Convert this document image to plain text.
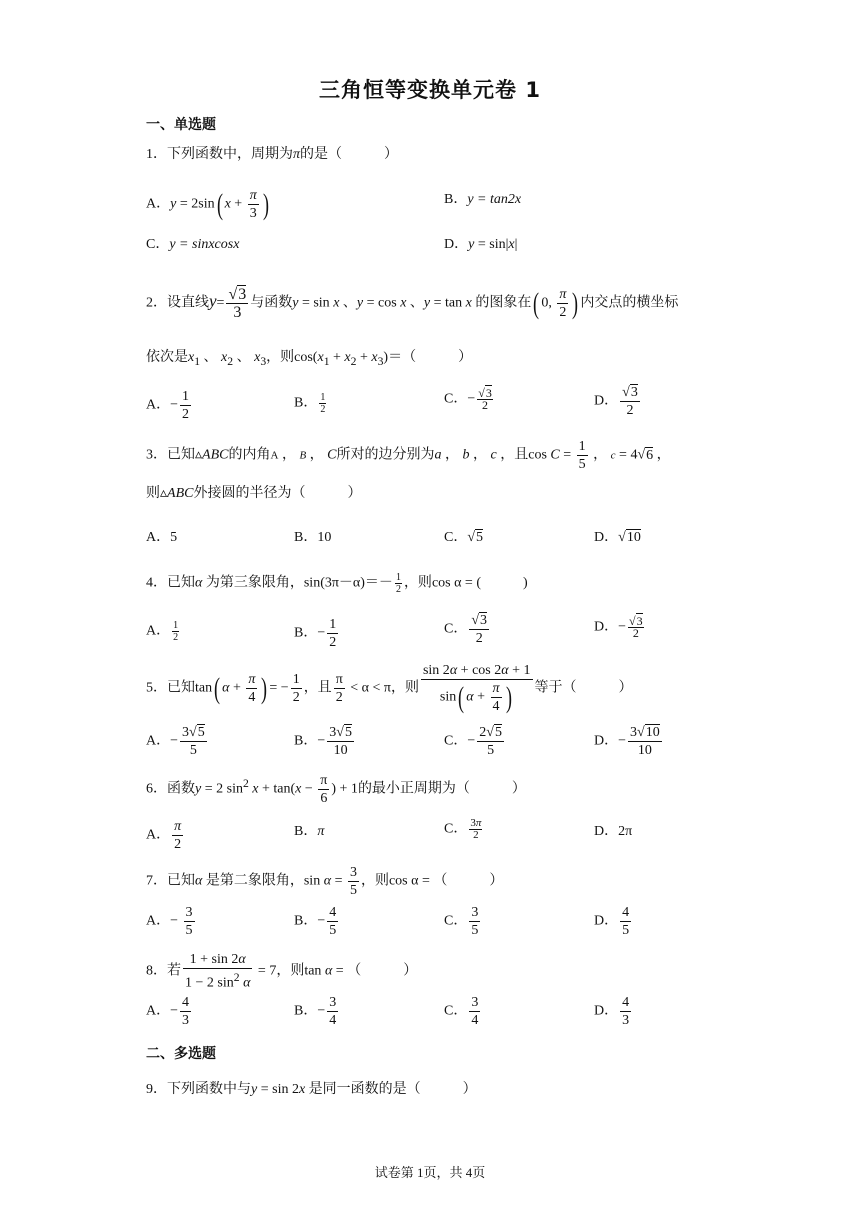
三角恒等变换单元卷 1
一、单选题
1．下列函数中，周期为π的是（　　　）
A．y = 2sin( $x + \frac{\pi}{3}$ )	B．y = tan2x
C．y = sinxcosx	D．y = sin|x|
2．设直线$y= \frac{√3}{3}$ 与函数y = sin x 、y = cos x 、y = tan x 的图象在( 0, $\frac{\pi}{2}$ ) 内交点的横坐标
依次是$x_1$ 、 $x_2$ 、 $x_3$，则$\cos(x_1 + x_2 + x_3)=$（　　　）
A．− $\frac{1}{2}$	B． $\frac{1}{2}$	C．− $\frac{√3}{2}$	D． $\frac{√3}{2}$
3．已知▵ABC的内角A ， B ， C所对的边分别为a ， b ， c ，且$\cos C = \frac{1}{5}$ ， c = 4√6 ，
则▵ABC外接圆的半径为（　　　）
A．5	B．10	C．√5	D．√10
4．已知α 为第三象限角，$\sin(3\pi-\alpha)=- \frac{1}{2}$ ，则cos α = (　　　)
A． $\frac{1}{2}$	B．− $\frac{1}{2}$	C． $\frac{√3}{2}$	D．− $\frac{√3}{2}$
5．已知tan( $\alpha + \frac{\pi}{4}$ ) = − $\frac{1}{2}$ ，且 $\frac{\pi}{2} < \alpha < \pi$，则 $\frac{\sin 2\alpha + \cos 2\alpha + 1}{\sin( \alpha + \frac{\pi}{4} )}$ 等于（　　　）
A．− $\frac{3√5}{5}$	B．− $\frac{3√5}{10}$	C．− $\frac{2√5}{5}$	D．− $\frac{3√10}{10}$
6．函数y = 2 $\sin^2 x + \tan(x - \frac{\pi}{6}$ ) + 1的最小正周期为（　　　）
A． $\frac{\pi}{2}$	B．π	C． $\frac{3\pi}{2}$	D．2π
7．已知α 是第二象限角，$\sin \alpha = \frac{3}{5}$ ，则cos α = （　　　）
A．− $\frac{3}{5}$	B．− $\frac{4}{5}$	C． $\frac{3}{5}$	D． $\frac{4}{5}$
8．若 $\frac{1 + \sin 2\alpha}{1 - 2 \sin^2 \alpha} = 7$，则tan α = （　　　）
A．− $\frac{4}{3}$	B．− $\frac{3}{4}$	C． $\frac{3}{4}$	D． $\frac{4}{3}$
二、多选题
9．下列函数中与y = sin 2x 是同一函数的是（　　　）
试卷第 1页，共 4页
